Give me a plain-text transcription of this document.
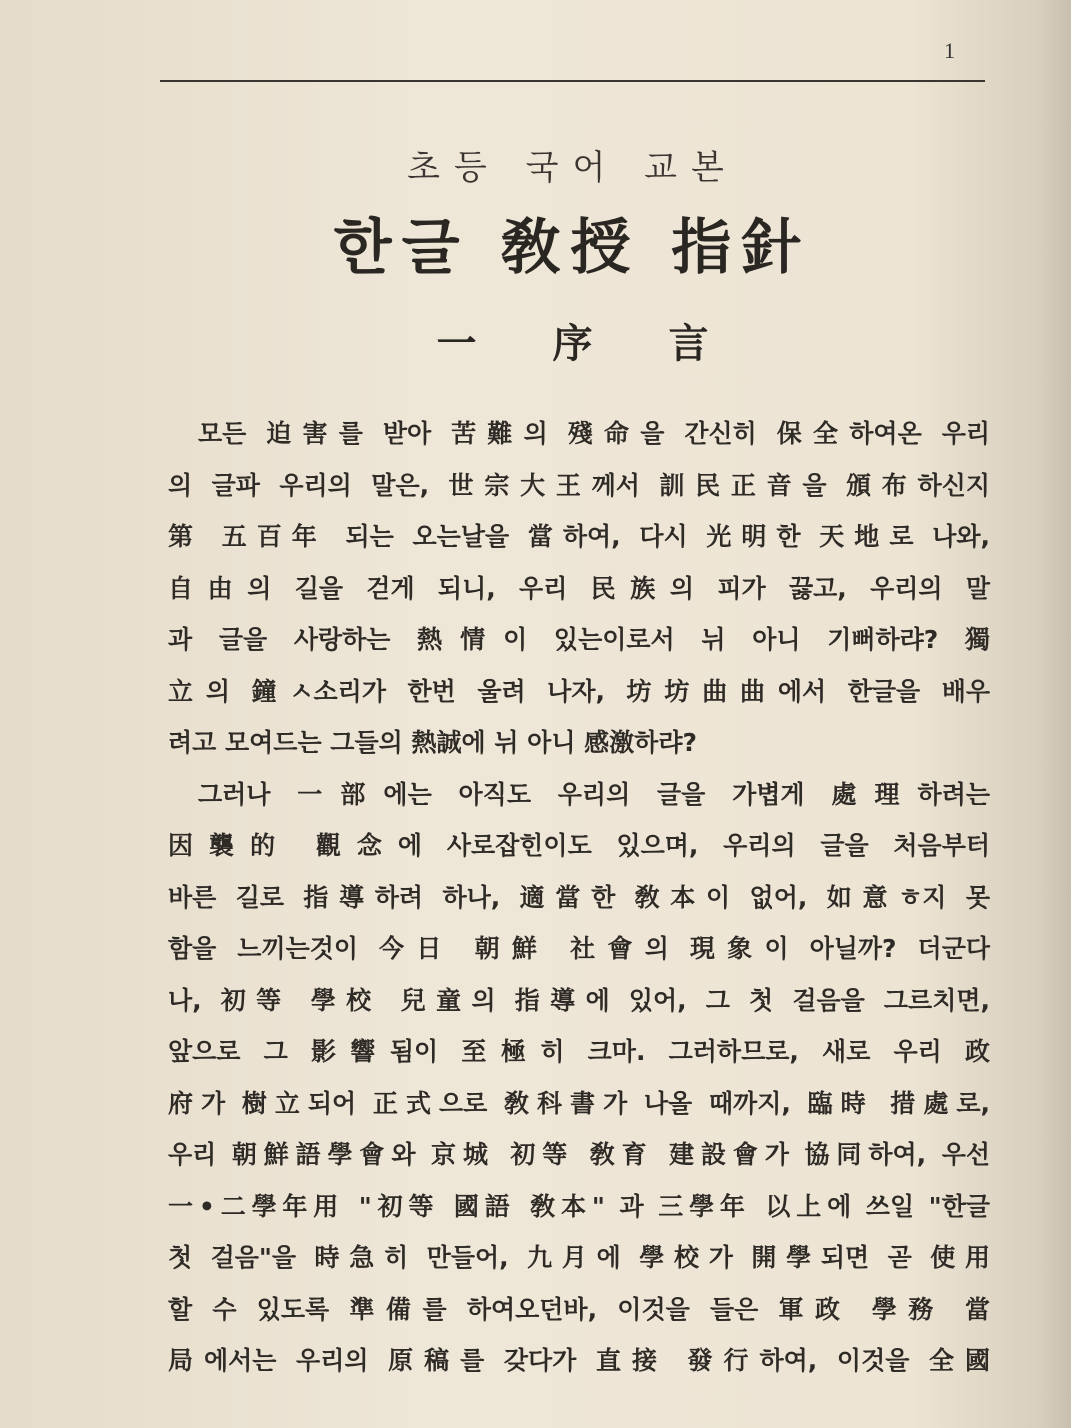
1
초등 국어 교본
한글 敎授 指針
一 序 言
모든 迫害를 받아 苦難의 殘命을 간신히 保全하여온 우리
의 글파 우리의 말은, 世宗大王께서 訓民正音을 頒布하신지
第 五百年 되는 오는날을 當하여, 다시 光明한 天地로 나와,
自由의 길을 걷게 되니, 우리 民族의 피가 끓고, 우리의 말
과 글을 사랑하는 熱情이 있는이로서 뉘 아니 기뻐하랴? 獨
立의 鐘ㅅ소리가 한번 울려 나자, 坊坊曲曲에서 한글을 배우
려고 모여드는 그들의 熱誠에 뉘 아니 感激하랴?
그러나 一部에는 아직도 우리의 글을 가볍게 處理하려는
因襲的 觀念에 사로잡힌이도 있으며, 우리의 글을 처음부터
바른 길로 指導하려 하나, 適當한 敎本이 없어, 如意ㅎ지 못
함을 느끼는것이 今日 朝鮮 社會의 現象이 아닐까? 더군다
나, 初等 學校 兒童의 指導에 있어, 그 첫 걸음을 그르치면,
앞으로 그 影響됨이 至極히 크마. 그러하므로, 새로 우리 政
府가 樹立되어 正式으로 敎科書가 나올 때까지, 臨時 措處로,
우리 朝鮮語學會와 京城 初等 敎育 建設會가 協同하여, 우선
一•二學年用 "初等 國語 敎本" 과 三學年 以上에 쓰일 "한글
첫 걸음"을 時急히 만들어, 九月에 學校가 開學되면 곧 使用
할 수 있도록 準備를 하여오던바, 이것을 들은 軍政 學務 當
局에서는 우리의 原稿를 갖다가 直接 發行하여, 이것을 全國
